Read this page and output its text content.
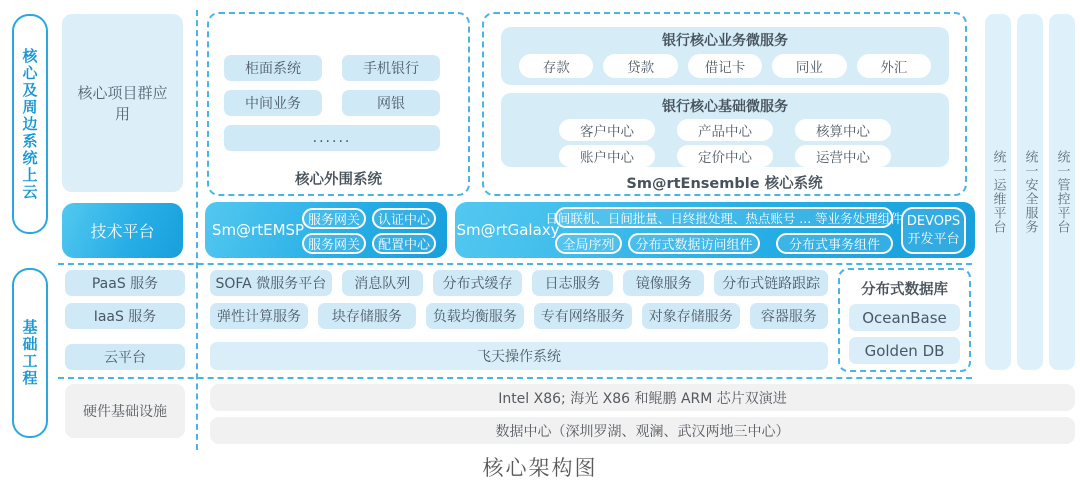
核心及周边系统上云
基础工程
核心项目群应用
技术平台
PaaS 服务
IaaS 服务
云平台
硬件基础设施
柜面系统	手机银行
中间业务	网银
......
核心外围系统
银行核心业务微服务
存款	贷款	借记卡	同业	外汇
银行核心基础微服务
客户中心	产品中心	核算中心
账户中心	定价中心	运营中心
Sm@rtEnsemble 核心系统
Sm@rtEMSP
服务网关	认证中心
服务网关	配置中心
Sm@rtGalaxy
日间联机、日间批量、日终批处理、热点账号 ... 等业务处理组件
全局序列	分布式数据访问组件	分布式事务组件
DEVOPS
开发平台
SOFA 微服务平台	消息队列	分布式缓存	日志服务	镜像服务	分布式链路跟踪
弹性计算服务	块存储服务	负载均衡服务	专有网络服务	对象存储服务	容器服务
飞天操作系统
分布式数据库
OceanBase
Golden DB
统一运维平台	统一安全服务	统一管控平台
Intel X86; 海光 X86 和鲲鹏 ARM 芯片双演进
数据中心（深圳罗湖、观澜、武汉两地三中心）
核心架构图
